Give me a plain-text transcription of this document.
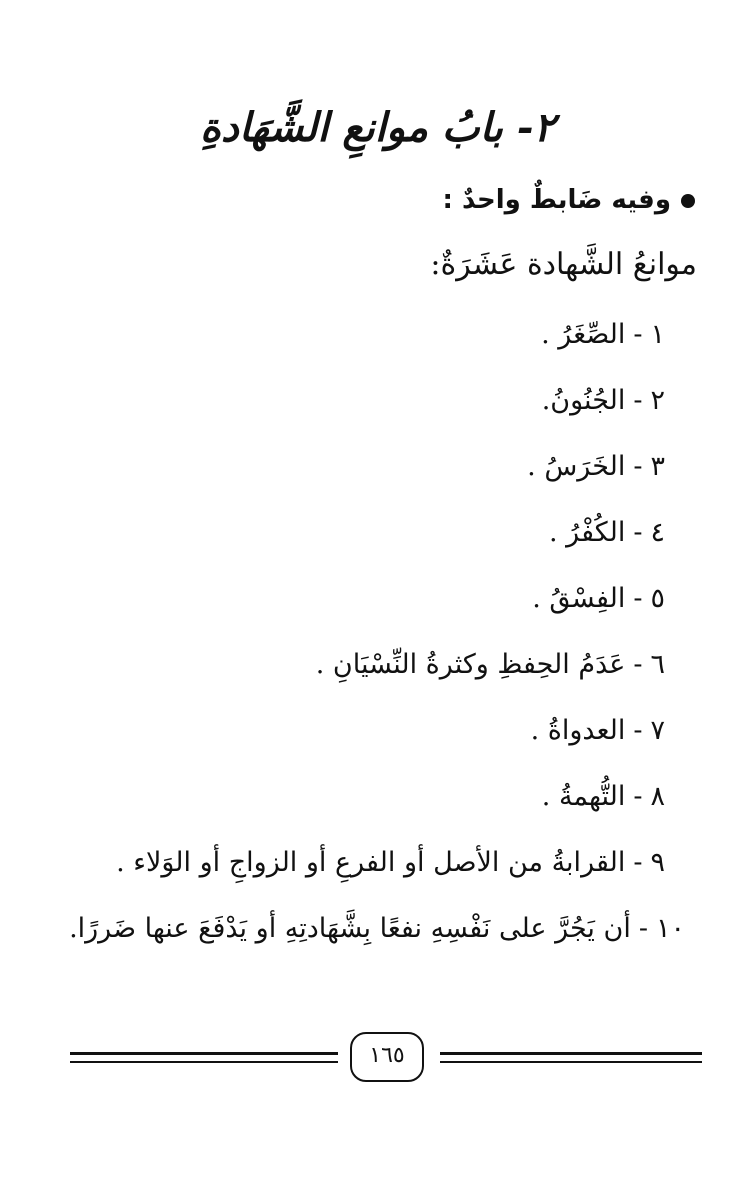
٢- بابُ موانعِ الشَّهَادةِ
وفيه ضَابطٌ واحدٌ :
موانعُ الشَّهادة عَشَرَةٌ:
١-الصِّغَرُ .
٢-الجُنُونُ.
٣-الخَرَسُ .
٤-الكُفْرُ .
٥-الفِسْقُ .
٦-عَدَمُ الحِفظِ وكثرةُ النِّسْيَانِ .
٧-العدواةُ .
٨-التُّهمةُ .
٩-القرابةُ من الأصل أو الفرعِ أو الزواجِ أو الوَلاء .
١٠-أن يَجُرَّ على نَفْسِهِ نفعًا بِشَّهَادتِهِ أو يَدْفَعَ عنها ضَررًا.
١٦٥
